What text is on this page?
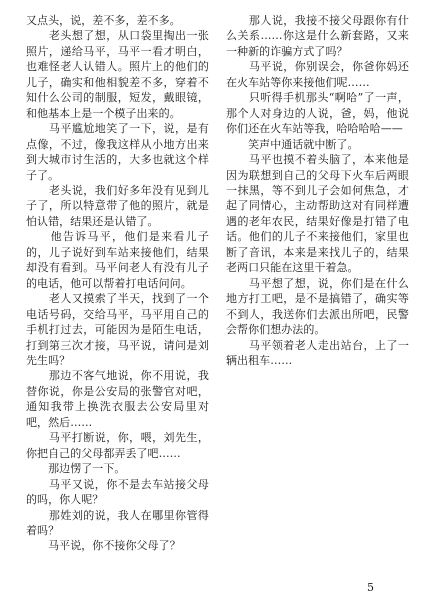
又点头，说，差不多，差不多。

　　老头想了想，从口袋里掏出一张照片，递给马平，马平一看才明白，也难怪老人认错人。照片上的他们的儿子，确实和他相貌差不多，穿着不知什么公司的制服，短发，戴眼镜，和他基本上是一个模子出来的。

　　马平尴尬地笑了一下，说，是有点像，不过，像我这样从小地方出来到大城市讨生活的，大多也就这个样子了。

　　老头说，我们好多年没有见到儿子了，所以特意带了他的照片，就是怕认错，结果还是认错了。

　　他告诉马平，他们是来看儿子的，儿子说好到车站来接他们，结果却没有看到。马平问老人有没有儿子的电话，他可以帮着打电话问问。

　　老人又摸索了半天，找到了一个电话号码，交给马平，马平用自己的手机打过去，可能因为是陌生电话，打到第三次才接，马平说，请问是刘先生吗？

　　那边不客气地说，你不用说，我替你说，你是公安局的张警官对吧，通知我带上换洗衣服去公安局里对吧，然后……

　　马平打断说，你，喂，刘先生，你把自己的父母都弄丢了吧……

　　那边愣了一下。

　　马平又说，你不是去车站接父母的吗，你人呢？

　　那姓刘的说，我人在哪里你管得着吗？

　　马平说，你不接你父母了？

　　那人说，我接不接父母跟你有什么关系……你这是什么新套路，又来一种新的诈骗方式了吗？

　　马平说，你别误会，你爸你妈还在火车站等你来接他们呢……

　　只听得手机那头“啊哈”了一声，那个人对身边的人说，爸，妈，他说你们还在火车站等我，哈哈哈哈——

　　笑声中通话就中断了。

　　马平也摸不着头脑了，本来他是因为联想到自己的父母下火车后两眼一抹黑，等不到儿子会如何焦急，才起了同情心，主动帮助这对有同样遭遇的老年农民，结果好像是打错了电话。他们的儿子不来接他们，家里也断了音讯，本来是来找儿子的，结果老两口只能在这里干着急。

　　马平想了想，说，你们是在什么地方打工吧，是不是搞错了，确实等不到人，我送你们去派出所吧，民警会帮你们想办法的。

　　马平领着老人走出站台，上了一辆出租车……

5
